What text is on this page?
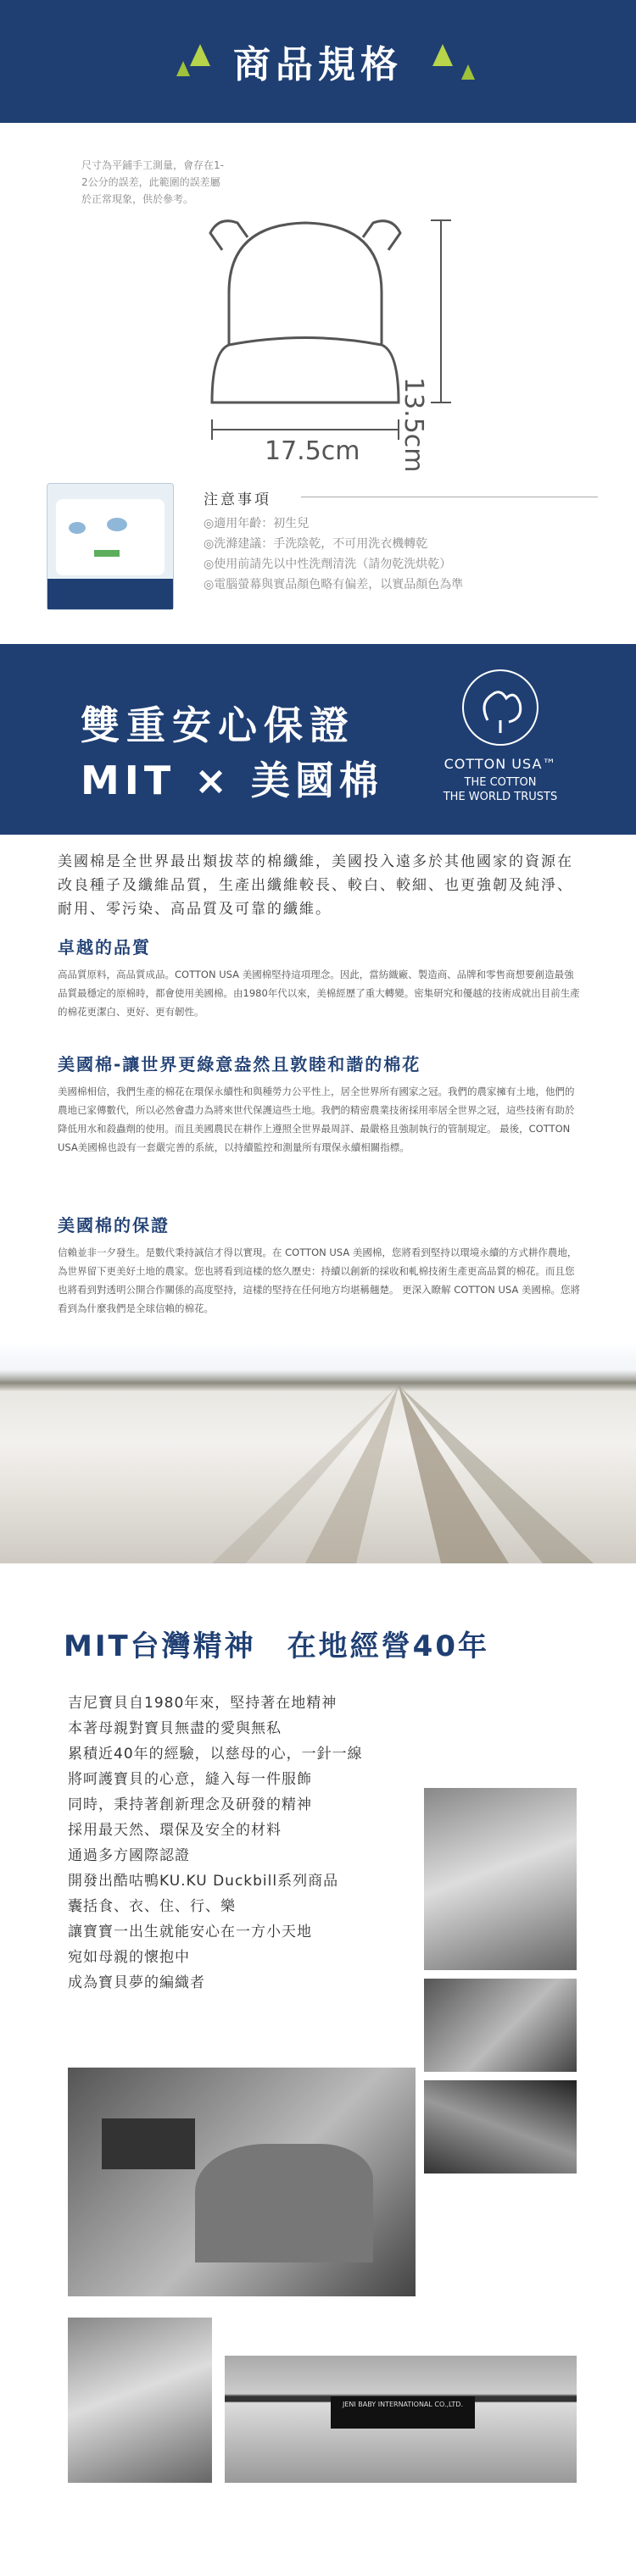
商品規格
尺寸為平鋪手工測量，會存在1-2公分的誤差，此範圍的誤差屬於正常現象，供於參考。
13.5cm
17.5cm
注意事項
◎適用年齡：初生兒
◎洗滌建議：手洗陰乾，不可用洗衣機轉乾
◎使用前請先以中性洗劑清洗（請勿乾洗烘乾）
◎電腦螢幕與實品顏色略有偏差，以實品顏色為準
雙重安心保證
MIT × 美國棉	COTTON USA™
THE COTTON
THE WORLD TRUSTS
美國棉是全世界最出類拔萃的棉纖維，美國投入遠多於其他國家的資源在改良種子及纖維品質，生產出纖維較長、較白、較細、也更強韌及純淨、耐用、零污染、高品質及可靠的纖維。
卓越的品質
高品質原料，高品質成品。COTTON USA 美國棉堅持這項理念。因此，當紡織廠、製造商、品牌和零售商想要創造最強品質最穩定的原棉時，都會使用美國棉。由1980年代以來，美棉經歷了重大轉變。密集研究和優越的技術成就出目前生產的棉花更潔白、更好、更有韌性。
美國棉-讓世界更綠意盎然且敦睦和諧的棉花
美國棉相信，我們生產的棉花在環保永續性和與種勞力公平性上，居全世界所有國家之冠。我們的農家擁有土地，他們的農地已家傳數代，所以必然會盡力為將來世代保護這些土地。我們的精密農業技術採用率居全世界之冠，這些技術有助於降低用水和殺蟲劑的使用。而且美國農民在耕作上遵照全世界最周詳、最嚴格且強制執行的管制規定。 最後，COTTON USA美國棉也設有一套嚴完善的系統，以持續監控和測量所有環保永續相關指標。
美國棉的保證
信賴並非一夕發生。是數代秉持誠信才得以實現。在 COTTON USA 美國棉，您將看到堅持以環境永續的方式耕作農地，為世界留下更美好土地的農家。您也將看到這樣的悠久歷史：持續以創新的採收和軋棉技術生產更高品質的棉花。而且您也將看到對透明公開合作關係的高度堅持，這樣的堅持在任何地方均堪稱翹楚。 更深入瞭解 COTTON USA 美國棉。您將看到為什麼我們是全球信賴的棉花。
MIT台灣精神　在地經營40年
吉尼寶貝自1980年來，堅持著在地精神
本著母親對寶貝無盡的愛與無私
累積近40年的經驗，以慈母的心，一針一線
將呵護寶貝的心意，縫入每一件服飾
同時，秉持著創新理念及研發的精神
採用最天然、環保及安全的材料
通過多方國際認證
開發出酷咕鴨KU.KU Duckbill系列商品
囊括食、衣、住、行、樂
讓寶寶一出生就能安心在一方小天地
宛如母親的懷抱中
成為寶貝夢的編織者
JENI BABY INTERNATIONAL CO.,LTD.
